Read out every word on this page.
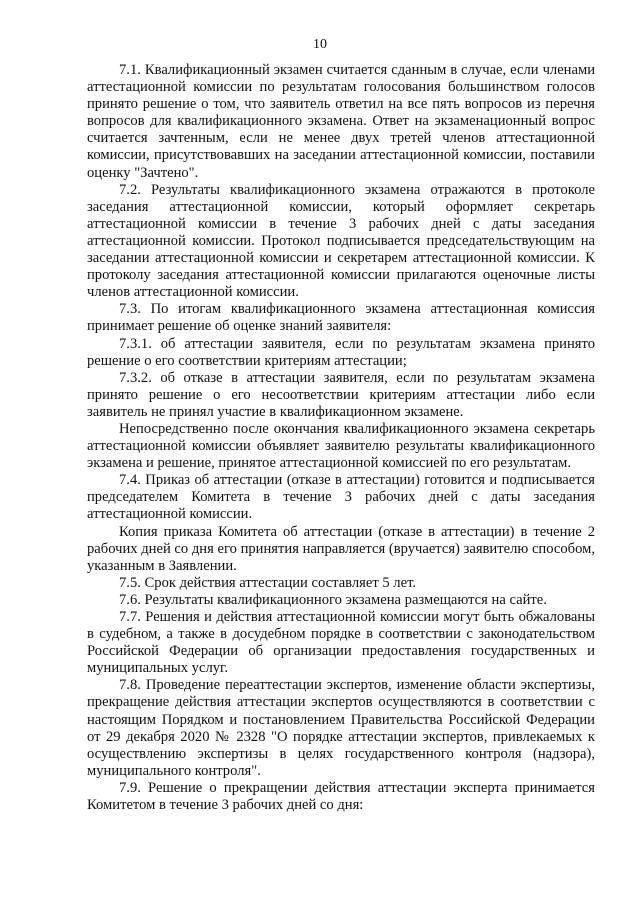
10

7.1. Квалификационный экзамен считается сданным в случае, если членами аттестационной комиссии по результатам голосования большинством голосов принято решение о том, что заявитель ответил на все пять вопросов из перечня вопросов для квалификационного экзамена. Ответ на экзаменационный вопрос считается зачтенным, если не менее двух третей членов аттестационной комиссии, присутствовавших на заседании аттестационной комиссии, поставили оценку "Зачтено".

7.2. Результаты квалификационного экзамена отражаются в протоколе заседания аттестационной комиссии, который оформляет секретарь аттестационной комиссии в течение 3 рабочих дней с даты заседания аттестационной комиссии. Протокол подписывается председательствующим на заседании аттестационной комиссии и секретарем аттестационной комиссии. К протоколу заседания аттестационной комиссии прилагаются оценочные листы членов аттестационной комиссии.

7.3. По итогам квалификационного экзамена аттестационная комиссия принимает решение об оценке знаний заявителя:

7.3.1. об аттестации заявителя, если по результатам экзамена принято решение о его соответствии критериям аттестации;

7.3.2. об отказе в аттестации заявителя, если по результатам экзамена принято решение о его несоответствии критериям аттестации либо если заявитель не принял участие в квалификационном экзамене.

Непосредственно после окончания квалификационного экзамена секретарь аттестационной комиссии объявляет заявителю результаты квалификационного экзамена и решение, принятое аттестационной комиссией по его результатам.

7.4. Приказ об аттестации (отказе в аттестации) готовится и подписывается председателем Комитета в течение 3 рабочих дней с даты заседания аттестационной комиссии.

Копия приказа Комитета об аттестации (отказе в аттестации) в течение 2 рабочих дней со дня его принятия направляется (вручается) заявителю способом, указанным в Заявлении.

7.5. Срок действия аттестации составляет 5 лет.

7.6. Результаты квалификационного экзамена размещаются на сайте.

7.7. Решения и действия аттестационной комиссии могут быть обжалованы в судебном, а также в досудебном порядке в соответствии с законодательством Российской Федерации об организации предоставления государственных и муниципальных услуг.

7.8. Проведение переаттестации экспертов, изменение области экспертизы, прекращение действия аттестации экспертов осуществляются в соответствии с настоящим Порядком и постановлением Правительства Российской Федерации от 29 декабря 2020 № 2328 "О порядке аттестации экспертов, привлекаемых к осуществлению экспертизы в целях государственного контроля (надзора), муниципального контроля".

7.9. Решение о прекращении действия аттестации эксперта принимается Комитетом в течение 3 рабочих дней со дня:
